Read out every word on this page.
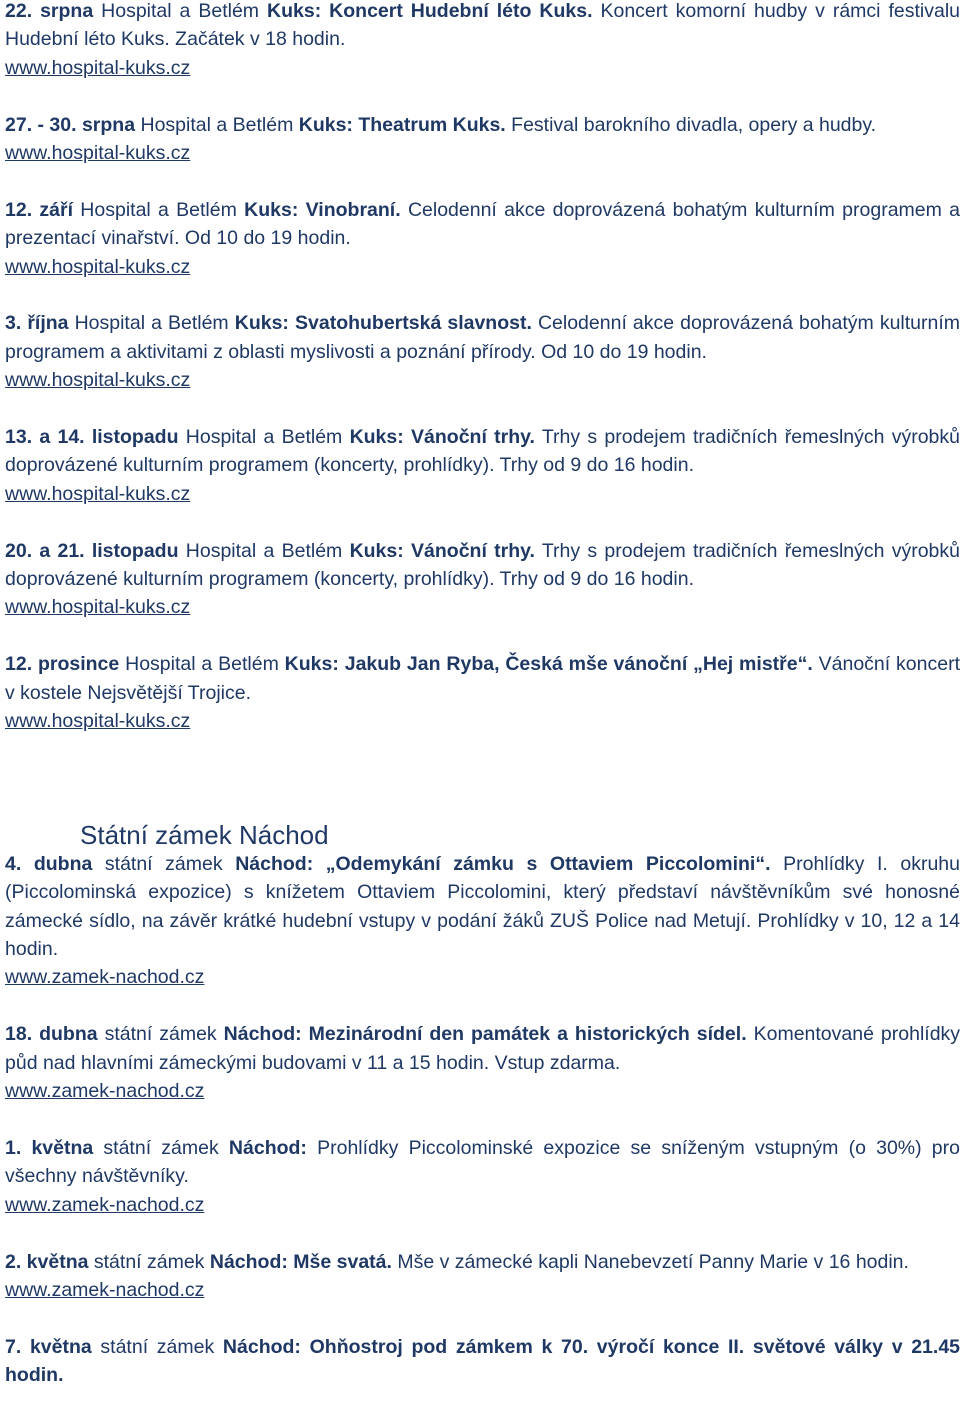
22. srpna Hospital a Betlém Kuks: Koncert Hudební léto Kuks. Koncert komorní hudby v rámci festivalu Hudební léto Kuks. Začátek v 18 hodin.

www.hospital-kuks.cz

27. - 30. srpna Hospital a Betlém Kuks: Theatrum Kuks. Festival barokního divadla, opery a hudby.

www.hospital-kuks.cz

12. září Hospital a Betlém Kuks: Vinobraní. Celodenní akce doprovázená bohatým kulturním programem a prezentací vinařství. Od 10 do 19 hodin.

www.hospital-kuks.cz

3. října Hospital a Betlém Kuks: Svatohubertská slavnost. Celodenní akce doprovázená bohatým kulturním programem a aktivitami z oblasti myslivosti a poznání přírody. Od 10 do 19 hodin.

www.hospital-kuks.cz

13. a 14. listopadu Hospital a Betlém Kuks: Vánoční trhy. Trhy s prodejem tradičních řemeslných výrobků doprovázené kulturním programem (koncerty, prohlídky). Trhy od 9 do 16 hodin.

www.hospital-kuks.cz

20. a 21. listopadu Hospital a Betlém Kuks: Vánoční trhy. Trhy s prodejem tradičních řemeslných výrobků doprovázené kulturním programem (koncerty, prohlídky). Trhy od 9 do 16 hodin.

www.hospital-kuks.cz

12. prosince Hospital a Betlém Kuks: Jakub Jan Ryba, Česká mše vánoční „Hej mistře“. Vánoční koncert v kostele Nejsvětější Trojice.

www.hospital-kuks.cz
Státní zámek Náchod

4. dubna státní zámek Náchod: „Odemykání zámku s Ottaviem Piccolomini“. Prohlídky I. okruhu (Piccolominská expozice) s knížetem Ottaviem Piccolomini, který představí návštěvníkům své honosné zámecké sídlo, na závěr krátké hudební vstupy v podání žáků ZUŠ Police nad Metují. Prohlídky v 10, 12 a 14 hodin.

www.zamek-nachod.cz

18. dubna státní zámek Náchod: Mezinárodní den památek a historických sídel. Komentované prohlídky půd nad hlavními zámeckými budovami v 11 a 15 hodin. Vstup zdarma.

www.zamek-nachod.cz

1. května státní zámek Náchod: Prohlídky Piccolominské expozice se sníženým vstupným (o 30%) pro všechny návštěvníky.

www.zamek-nachod.cz

2. května státní zámek Náchod: Mše svatá. Mše v zámecké kapli Nanebevzetí Panny Marie v 16 hodin.

www.zamek-nachod.cz

7. května státní zámek Náchod: Ohňostroj pod zámkem k 70. výročí konce II. světové války v 21.45 hodin.
